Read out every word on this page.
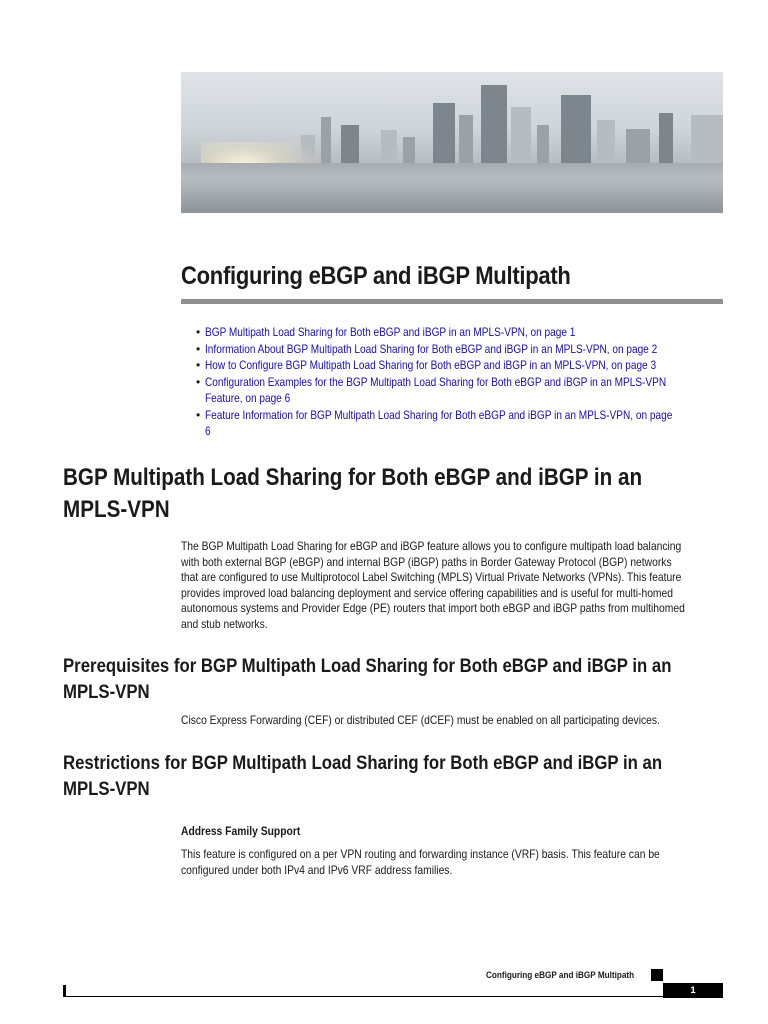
Configuring eBGP and iBGP Multipath
• BGP Multipath Load Sharing for Both eBGP and iBGP in an MPLS-VPN, on page 1
• Information About BGP Multipath Load Sharing for Both eBGP and iBGP in an MPLS-VPN, on page 2
• How to Configure BGP Multipath Load Sharing for Both eBGP and iBGP in an MPLS-VPN, on page 3
• Configuration Examples for the BGP Multipath Load Sharing for Both eBGP and iBGP in an MPLS-VPN
Feature, on page 6
• Feature Information for BGP Multipath Load Sharing for Both eBGP and iBGP in an MPLS-VPN, on page
6
BGP Multipath Load Sharing for Both eBGP and iBGP in an
MPLS-VPN

The BGP Multipath Load Sharing for eBGP and iBGP feature allows you to configure multipath load balancing
with both external BGP (eBGP) and internal BGP (iBGP) paths in Border Gateway Protocol (BGP) networks
that are configured to use Multiprotocol Label Switching (MPLS) Virtual Private Networks (VPNs). This feature
provides improved load balancing deployment and service offering capabilities and is useful for multi-homed
autonomous systems and Provider Edge (PE) routers that import both eBGP and iBGP paths from multihomed
and stub networks.

Prerequisites for BGP Multipath Load Sharing for Both eBGP and iBGP in an
MPLS-VPN

Cisco Express Forwarding (CEF) or distributed CEF (dCEF) must be enabled on all participating devices.

Restrictions for BGP Multipath Load Sharing for Both eBGP and iBGP in an
MPLS-VPN
Address Family Support

This feature is configured on a per VPN routing and forwarding instance (VRF) basis. This feature can be
configured under both IPv4 and IPv6 VRF address families.

Configuring eBGP and iBGP Multipath
1
